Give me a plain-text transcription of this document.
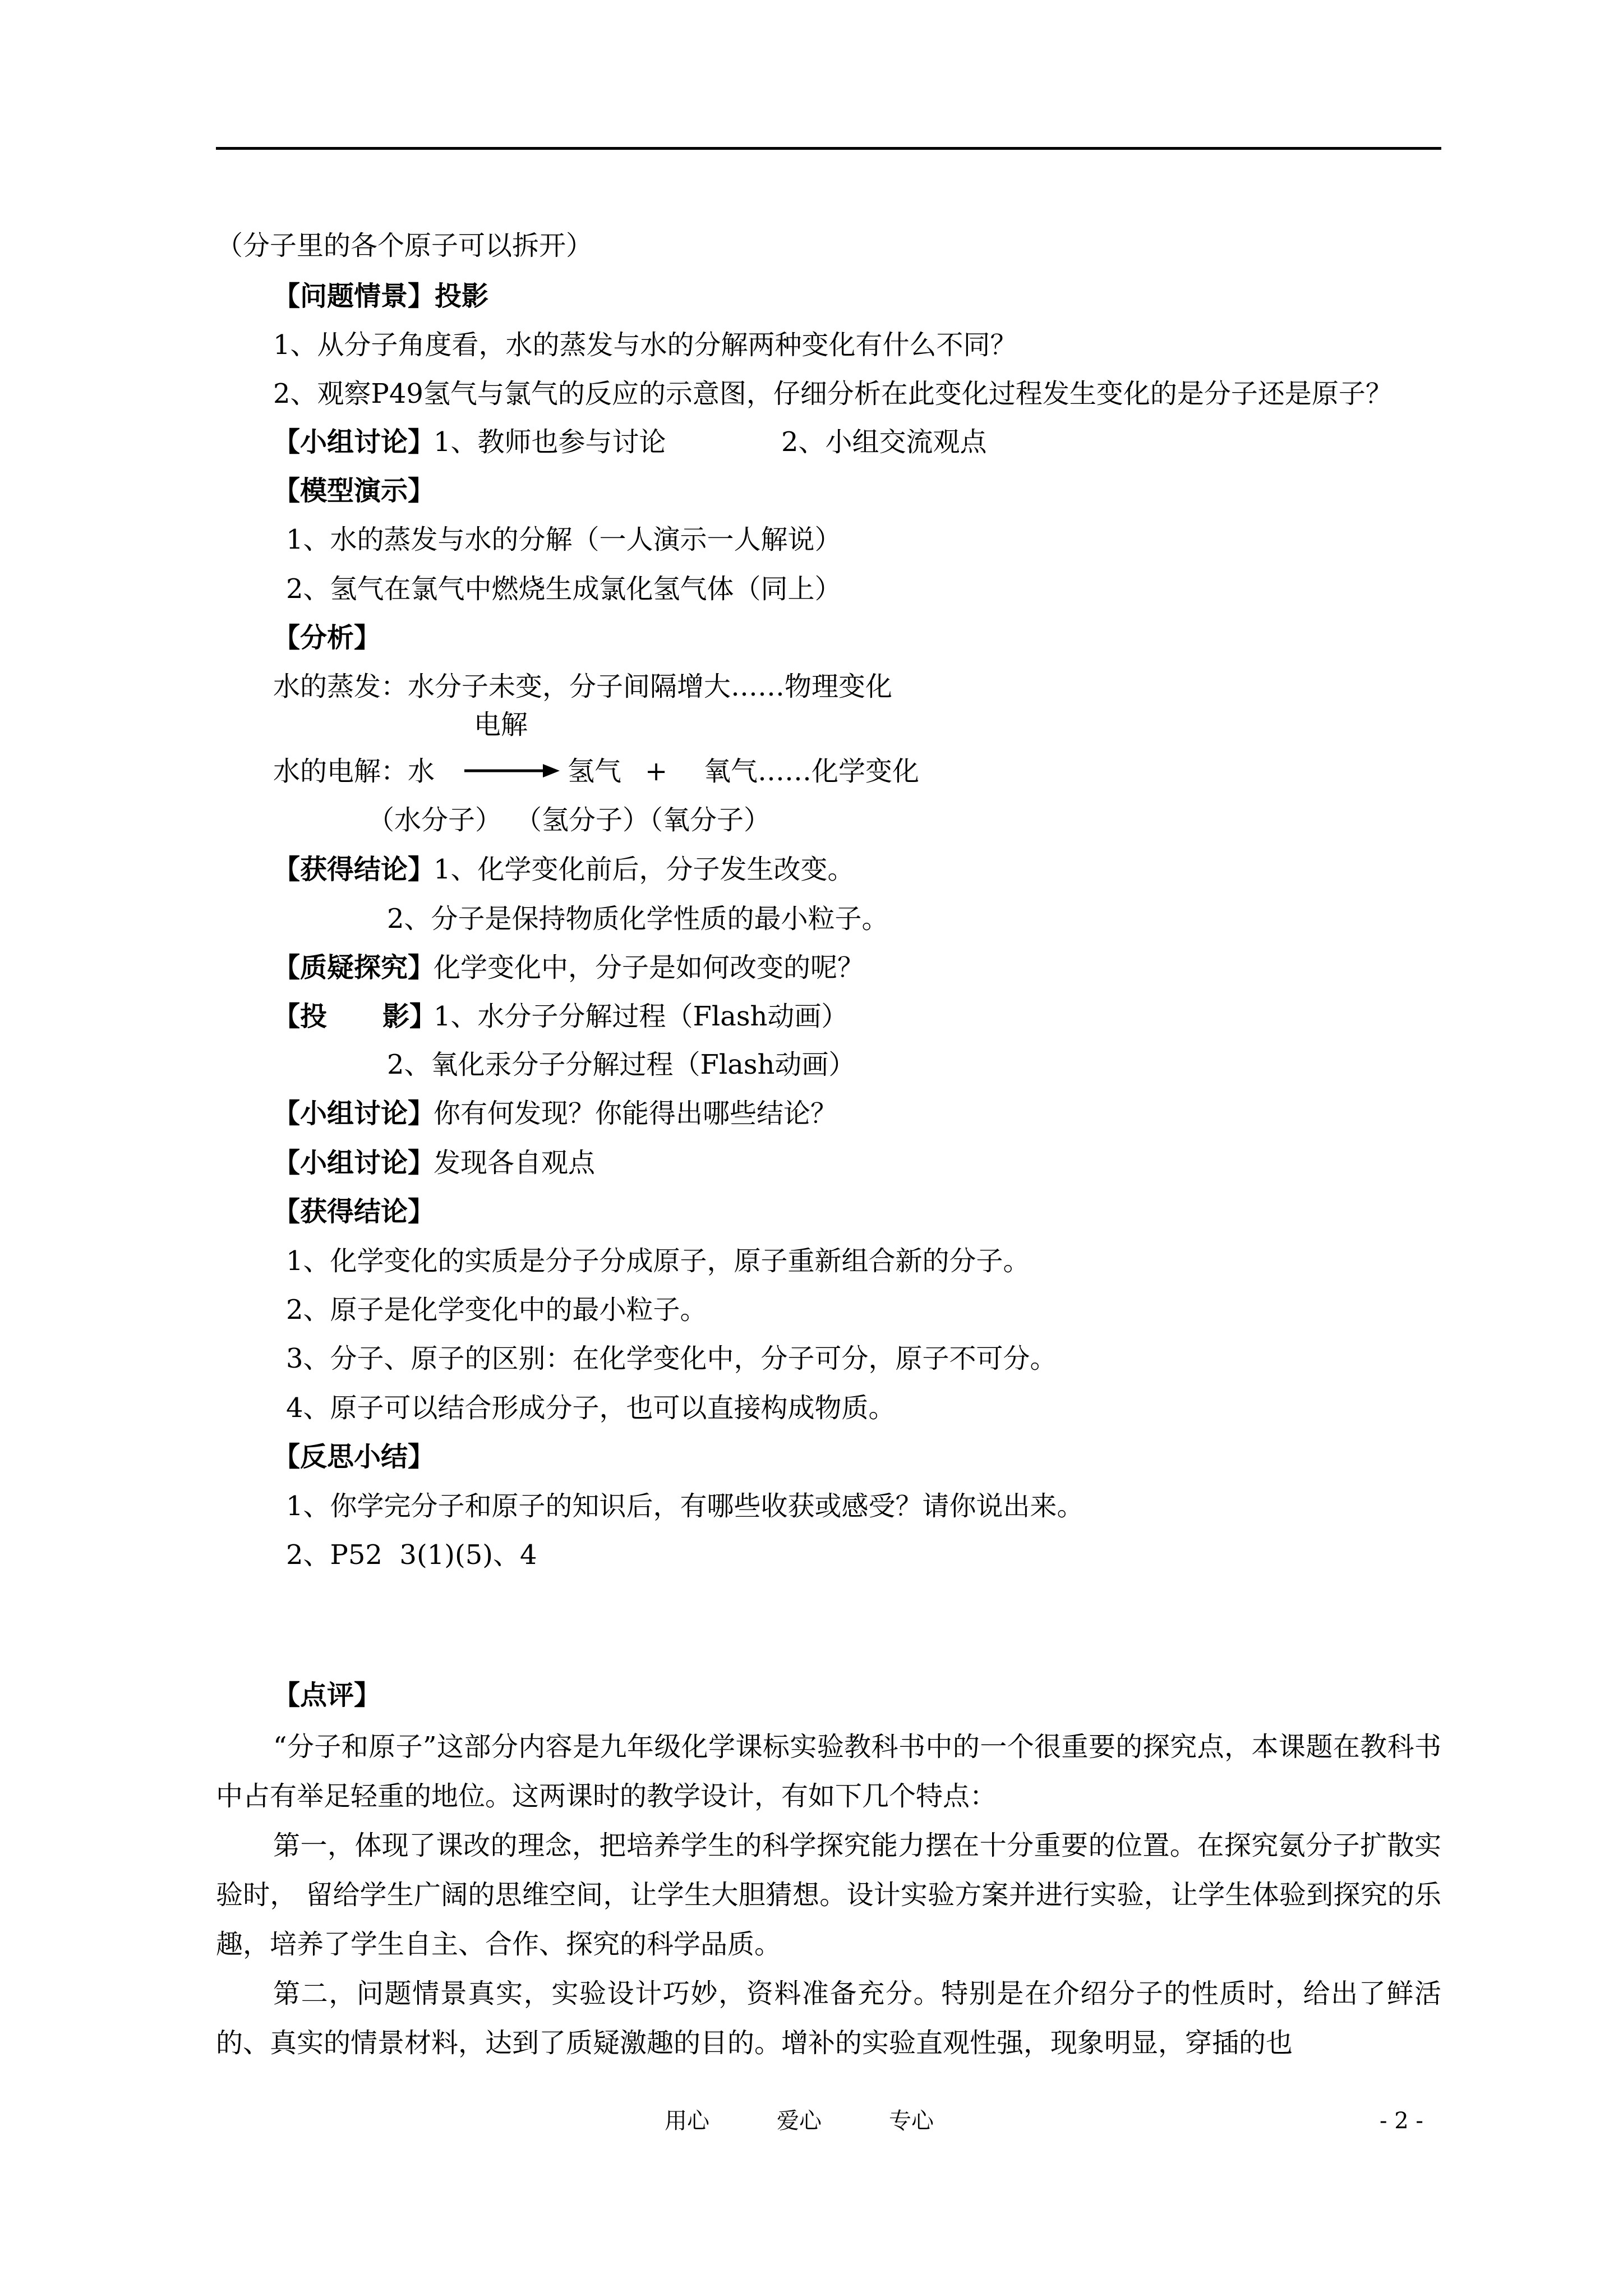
（分子里的各个原子可以拆开）
【问题情景】投影
1、从分子角度看，水的蒸发与水的分解两种变化有什么不同？
2、观察P49氢气与氯气的反应的示意图，仔细分析在此变化过程发生变化的是分子还是原子？
【小组讨论】
1、教师也参与讨论	2、小组交流观点
【模型演示】
1、水的蒸发与水的分解（一人演示一人解说）
2、氢气在氯气中燃烧生成氯化氢气体（同上）
【分析】
水的蒸发：水分子未变，分子间隔增大……物理变化
电解
水的电解：水	氢气 + 氧气……化学变化
（水分子） （氢分子）（氧分子）
【获得结论】
1、化学变化前后，分子发生改变。
2、分子是保持物质化学性质的最小粒子。
【质疑探究】
化学变化中，分子是如何改变的呢？
【投 影】
1、水分子分解过程（Flash动画）
2、氧化汞分子分解过程（Flash动画）
【小组讨论】
你有何发现？你能得出哪些结论？
【小组讨论】
发现各自观点
【获得结论】
1、化学变化的实质是分子分成原子，原子重新组合新的分子。
2、原子是化学变化中的最小粒子。
3、分子、原子的区别：在化学变化中，分子可分，原子不可分。
4、原子可以结合形成分子，也可以直接构成物质。
【反思小结】
1、你学完分子和原子的知识后，有哪些收获或感受？请你说出来。
2、P52  3(1)(5)、4
【点评】
“分子和原子”这部分内容是九年级化学课标实验教科书中的一个很重要的探究点，本课题在教科书中占有举足轻重的地位。这两课时的教学设计，有如下几个特点：
第一，体现了课改的理念，把培养学生的科学探究能力摆在十分重要的位置。在探究氨分子扩散实验时， 留给学生广阔的思维空间，让学生大胆猜想。设计实验方案并进行实验，让学生体验到探究的乐趣，培养了学生自主、合作、探究的科学品质。
第二，问题情景真实，实验设计巧妙，资料准备充分。特别是在介绍分子的性质时，给出了鲜活的、真实的情景材料，达到了质疑激趣的目的。增补的实验直观性强，现象明显，穿插的也
用心　　　爱心　　　专心	- 2 -
